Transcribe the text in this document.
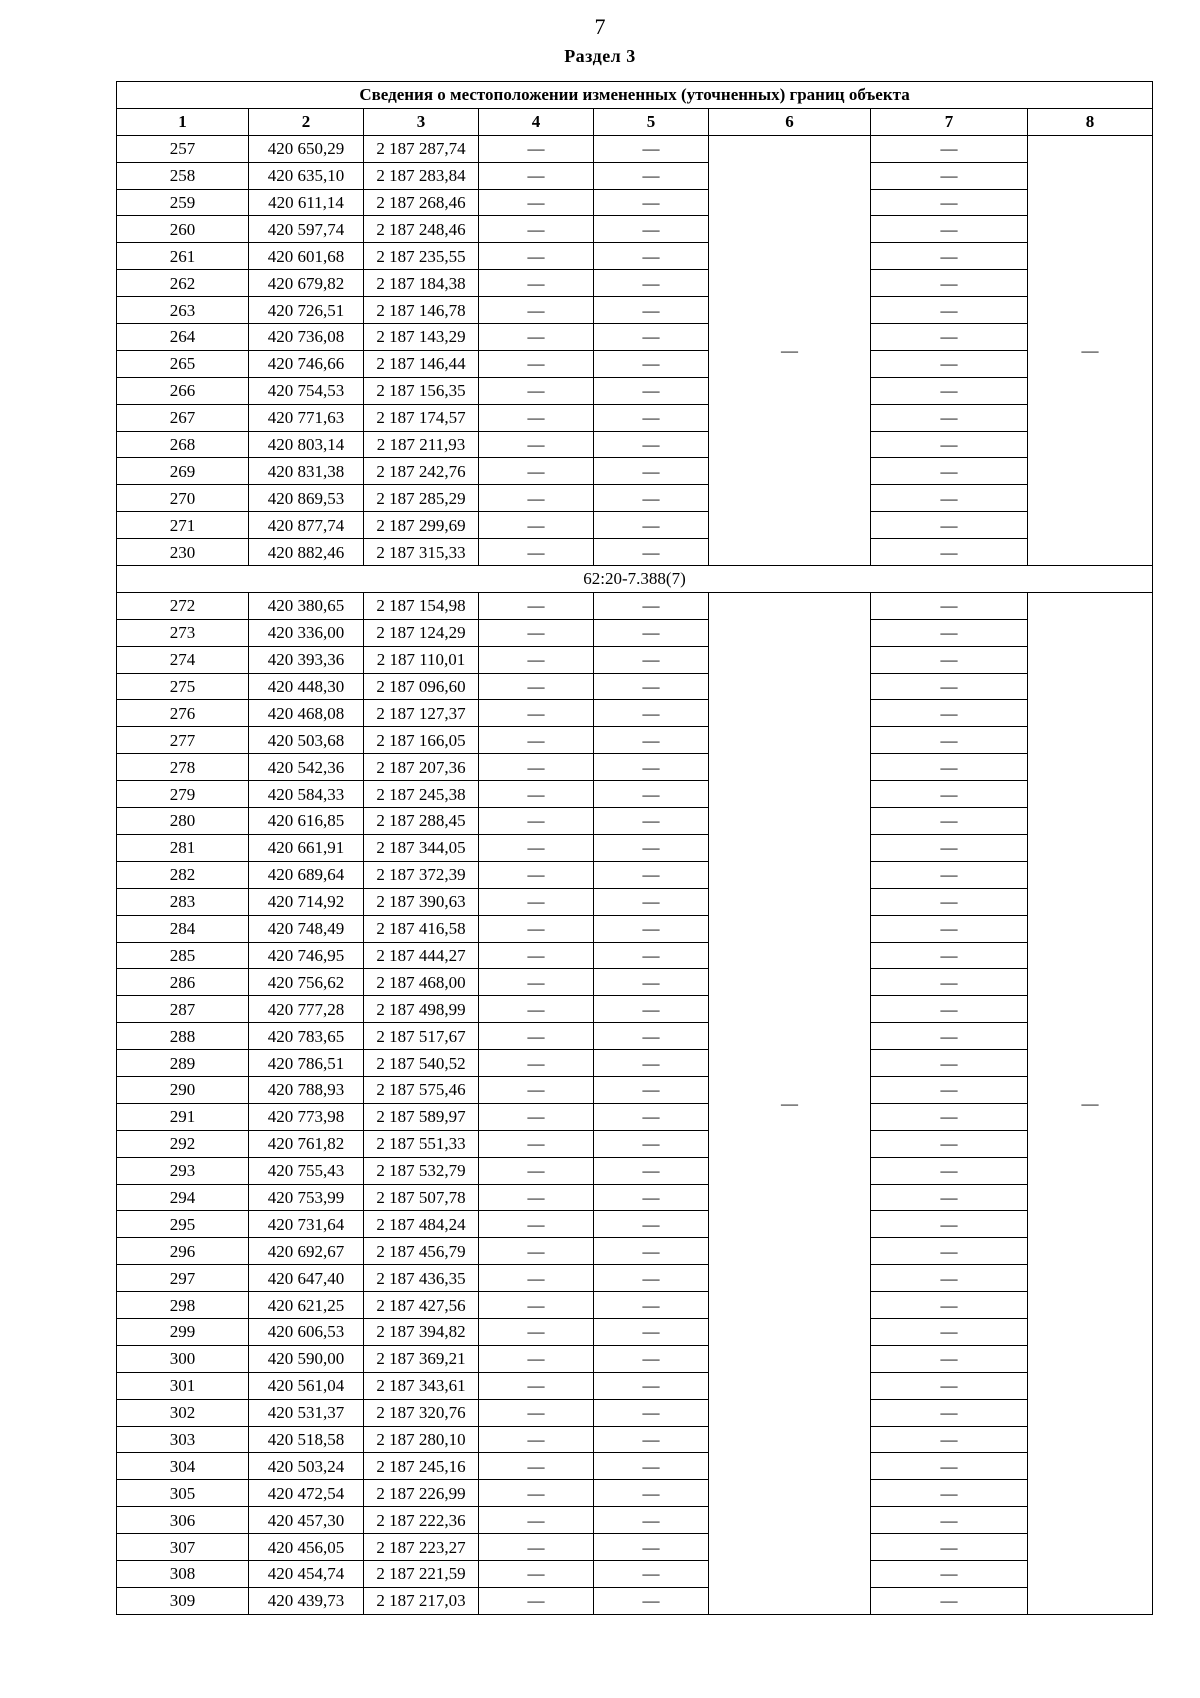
7
Раздел 3
Сведения о местоположении измененных (уточненных) границ объекта							
1	2	3	4	5	6	7	8
257	420 650,29	2 187 287,74	—	—	—	—	—
258	420 635,10	2 187 283,84	—	—		—	
259	420 611,14	2 187 268,46	—	—		—	
260	420 597,74	2 187 248,46	—	—		—	
261	420 601,68	2 187 235,55	—	—		—	
262	420 679,82	2 187 184,38	—	—		—	
263	420 726,51	2 187 146,78	—	—		—	
264	420 736,08	2 187 143,29	—	—		—	
265	420 746,66	2 187 146,44	—	—		—	
266	420 754,53	2 187 156,35	—	—		—	
267	420 771,63	2 187 174,57	—	—		—	
268	420 803,14	2 187 211,93	—	—		—	
269	420 831,38	2 187 242,76	—	—		—	
270	420 869,53	2 187 285,29	—	—		—	
271	420 877,74	2 187 299,69	—	—		—	
230	420 882,46	2 187 315,33	—	—		—	
62:20-7.388(7)							
272	420 380,65	2 187 154,98	—	—	—	—	—
273	420 336,00	2 187 124,29	—	—		—	
274	420 393,36	2 187 110,01	—	—		—	
275	420 448,30	2 187 096,60	—	—		—	
276	420 468,08	2 187 127,37	—	—		—	
277	420 503,68	2 187 166,05	—	—		—	
278	420 542,36	2 187 207,36	—	—		—	
279	420 584,33	2 187 245,38	—	—		—	
280	420 616,85	2 187 288,45	—	—		—	
281	420 661,91	2 187 344,05	—	—		—	
282	420 689,64	2 187 372,39	—	—		—	
283	420 714,92	2 187 390,63	—	—		—	
284	420 748,49	2 187 416,58	—	—		—	
285	420 746,95	2 187 444,27	—	—		—	
286	420 756,62	2 187 468,00	—	—		—	
287	420 777,28	2 187 498,99	—	—		—	
288	420 783,65	2 187 517,67	—	—		—	
289	420 786,51	2 187 540,52	—	—		—	
290	420 788,93	2 187 575,46	—	—		—	
291	420 773,98	2 187 589,97	—	—		—	
292	420 761,82	2 187 551,33	—	—		—	
293	420 755,43	2 187 532,79	—	—		—	
294	420 753,99	2 187 507,78	—	—		—	
295	420 731,64	2 187 484,24	—	—		—	
296	420 692,67	2 187 456,79	—	—		—	
297	420 647,40	2 187 436,35	—	—		—	
298	420 621,25	2 187 427,56	—	—		—	
299	420 606,53	2 187 394,82	—	—		—	
300	420 590,00	2 187 369,21	—	—		—	
301	420 561,04	2 187 343,61	—	—		—	
302	420 531,37	2 187 320,76	—	—		—	
303	420 518,58	2 187 280,10	—	—		—	
304	420 503,24	2 187 245,16	—	—		—	
305	420 472,54	2 187 226,99	—	—		—	
306	420 457,30	2 187 222,36	—	—		—	
307	420 456,05	2 187 223,27	—	—		—	
308	420 454,74	2 187 221,59	—	—		—	
309	420 439,73	2 187 217,03	—	—		—	
